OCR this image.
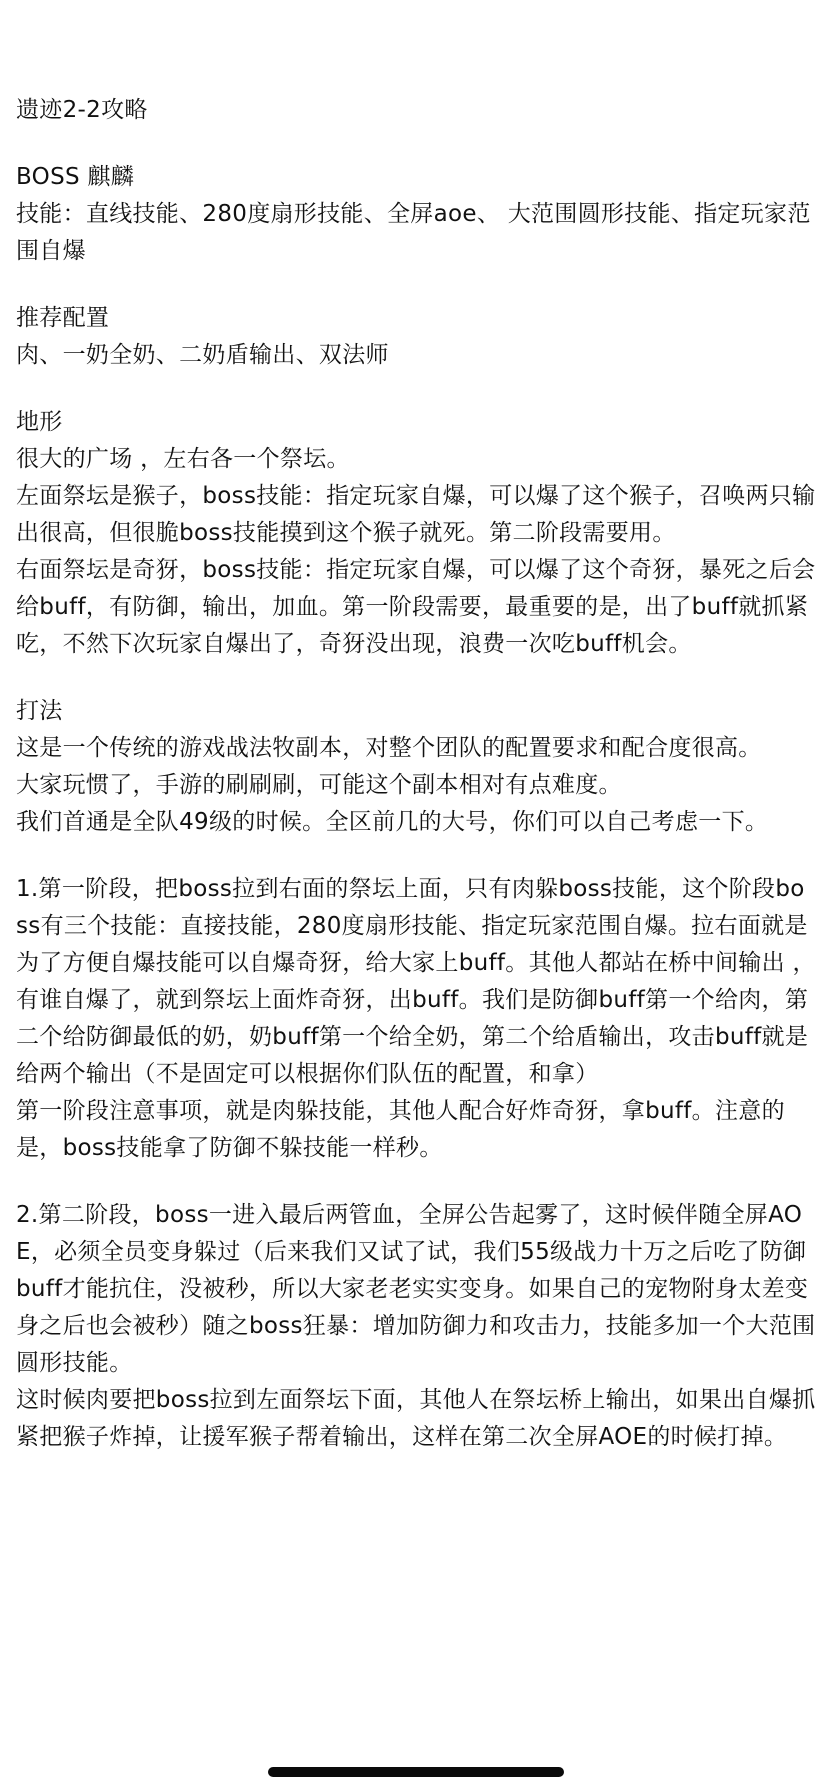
遗迹2-2攻略
BOSS 麒麟
技能：直线技能、280度扇形技能、全屏aoe、 大范围圆形技能、指定玩家范围自爆
推荐配置
肉、一奶全奶、二奶盾输出、双法师
地形
很大的广场 ，左右各一个祭坛。
左面祭坛是猴子，boss技能：指定玩家自爆，可以爆了这个猴子，召唤两只输出很高，但很脆boss技能摸到这个猴子就死。第二阶段需要用。
右面祭坛是奇犽，boss技能：指定玩家自爆，可以爆了这个奇犽，暴死之后会给buff，有防御，输出，加血。第一阶段需要，最重要的是，出了buff就抓紧吃，不然下次玩家自爆出了，奇犽没出现，浪费一次吃buff机会。
打法
这是一个传统的游戏战法牧副本，对整个团队的配置要求和配合度很高。
大家玩惯了，手游的刷刷刷，可能这个副本相对有点难度。
我们首通是全队49级的时候。全区前几的大号，你们可以自己考虑一下。
1.第一阶段，把boss拉到右面的祭坛上面，只有肉躲boss技能，这个阶段boss有三个技能：直接技能，280度扇形技能、指定玩家范围自爆。拉右面就是为了方便自爆技能可以自爆奇犽，给大家上buff。其他人都站在桥中间输出 ，有谁自爆了，就到祭坛上面炸奇犽，出buff。我们是防御buff第一个给肉，第二个给防御最低的奶，奶buff第一个给全奶，第二个给盾输出，攻击buff就是给两个输出（不是固定可以根据你们队伍的配置，和拿）
第一阶段注意事项，就是肉躲技能，其他人配合好炸奇犽，拿buff。注意的是，boss技能拿了防御不躲技能一样秒。
2.第二阶段，boss一进入最后两管血，全屏公告起雾了，这时候伴随全屏AOE，必须全员变身躲过（后来我们又试了试，我们55级战力十万之后吃了防御buff才能抗住，没被秒，所以大家老老实实变身。如果自己的宠物附身太差变身之后也会被秒）随之boss狂暴：增加防御力和攻击力，技能多加一个大范围圆形技能。
这时候肉要把boss拉到左面祭坛下面，其他人在祭坛桥上输出，如果出自爆抓紧把猴子炸掉，让援军猴子帮着输出，这样在第二次全屏AOE的时候打掉。
